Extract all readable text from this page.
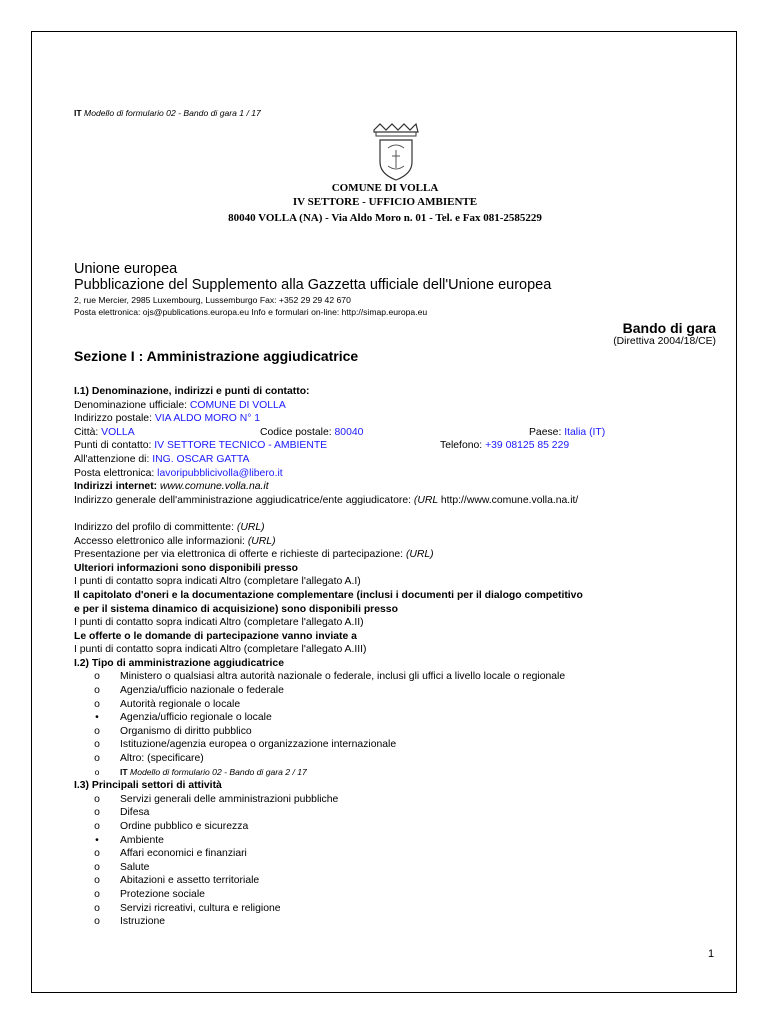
IT Modello di formulario 02 - Bando di gara 1 / 17
COMUNE DI VOLLA
IV SETTORE - UFFICIO AMBIENTE
80040 VOLLA (NA) - Via Aldo Moro n. 01 - Tel. e Fax 081-2585229
Unione europea
Pubblicazione del Supplemento alla Gazzetta ufficiale dell'Unione europea
2, rue Mercier, 2985 Luxembourg, Lussemburgo Fax: +352 29 29 42 670
Posta elettronica: ojs@publications.europa.eu Info e formulari on-line: http://simap.europa.eu
Bando di gara
(Direttiva 2004/18/CE)
Sezione I : Amministrazione aggiudicatrice
I.1) Denominazione, indirizzi e punti di contatto:
Denominazione ufficiale: COMUNE DI VOLLA
Indirizzo postale: VIA ALDO MORO N° 1
Città: VOLLA	Codice postale: 80040	Paese: Italia (IT)
Punti di contatto: IV SETTORE TECNICO - AMBIENTE	Telefono: +39 08125 85 229
All'attenzione di: ING. OSCAR GATTA
Posta elettronica: lavoripubblicivolla@libero.it
Indirizzi internet: www.comune.volla.na.it
Indirizzo generale dell'amministrazione aggiudicatrice/ente aggiudicatore: (URL http://www.comune.volla.na.it/
Indirizzo del profilo di committente: (URL)
Accesso elettronico alle informazioni: (URL)
Presentazione per via elettronica di offerte e richieste di partecipazione: (URL)
Ulteriori informazioni sono disponibili presso
I punti di contatto sopra indicati Altro (completare l'allegato A.I)
Il capitolato d'oneri e la documentazione complementare (inclusi i documenti per il dialogo competitivo
e per il sistema dinamico di acquisizione) sono disponibili presso
I punti di contatto sopra indicati Altro (completare l'allegato A.II)
Le offerte o le domande di partecipazione vanno inviate a
I punti di contatto sopra indicati Altro (completare l'allegato A.III)
I.2) Tipo di amministrazione aggiudicatrice
o Ministero o qualsiasi altra autorità nazionale o federale, inclusi gli uffici a livello locale o regionale
o Agenzia/ufficio nazionale o federale
o Autorità regionale o locale
•	Agenzia/ufficio regionale o locale
o Organismo di diritto pubblico
o Istituzione/agenzia europea o organizzazione internazionale
o Altro: (specificare)
o	IT Modello di formulario 02 - Bando di gara 2 / 17
I.3) Principali settori di attività
o Servizi generali delle amministrazioni pubbliche
o Difesa
o Ordine pubblico e sicurezza
•	Ambiente
o Affari economici e finanziari
o Salute
o Abitazioni e assetto territoriale
o Protezione sociale
o Servizi ricreativi, cultura e religione
o Istruzione
1
